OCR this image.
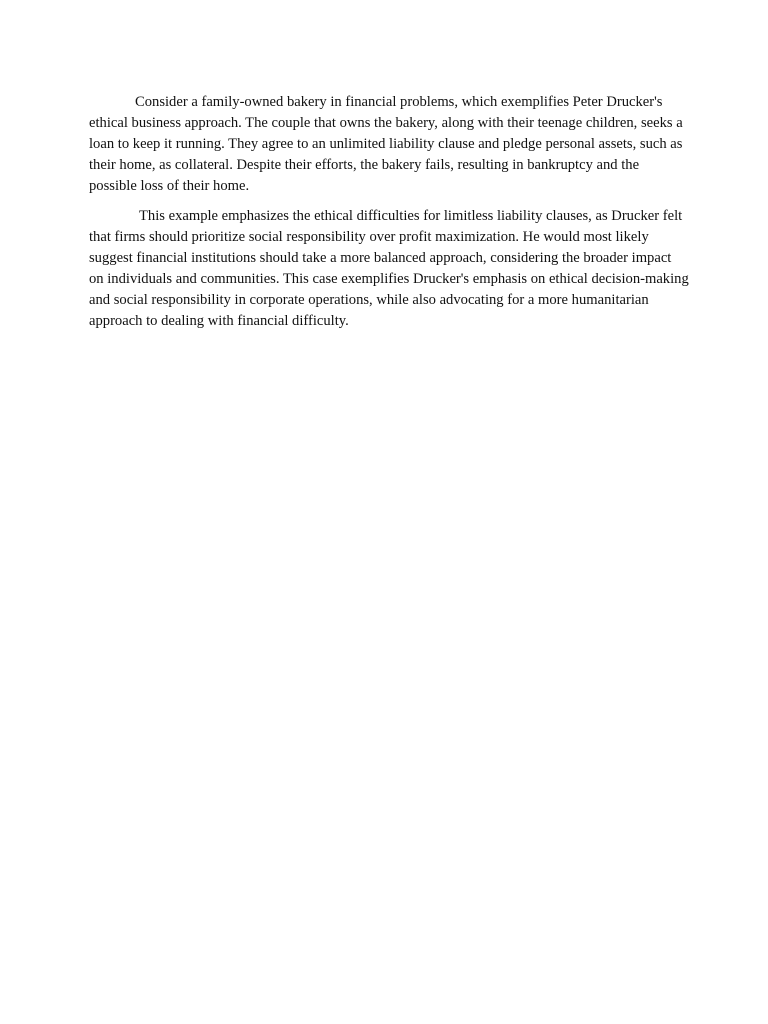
Consider a family-owned bakery in financial problems, which exemplifies Peter Drucker's ethical business approach. The couple that owns the bakery, along with their teenage children, seeks a loan to keep it running. They agree to an unlimited liability clause and pledge personal assets, such as their home, as collateral. Despite their efforts, the bakery fails, resulting in bankruptcy and the possible loss of their home.

This example emphasizes the ethical difficulties for limitless liability clauses, as Drucker felt that firms should prioritize social responsibility over profit maximization. He would most likely suggest financial institutions should take a more balanced approach, considering the broader impact on individuals and communities. This case exemplifies Drucker's emphasis on ethical decision-making and social responsibility in corporate operations, while also advocating for a more humanitarian approach to dealing with financial difficulty.
